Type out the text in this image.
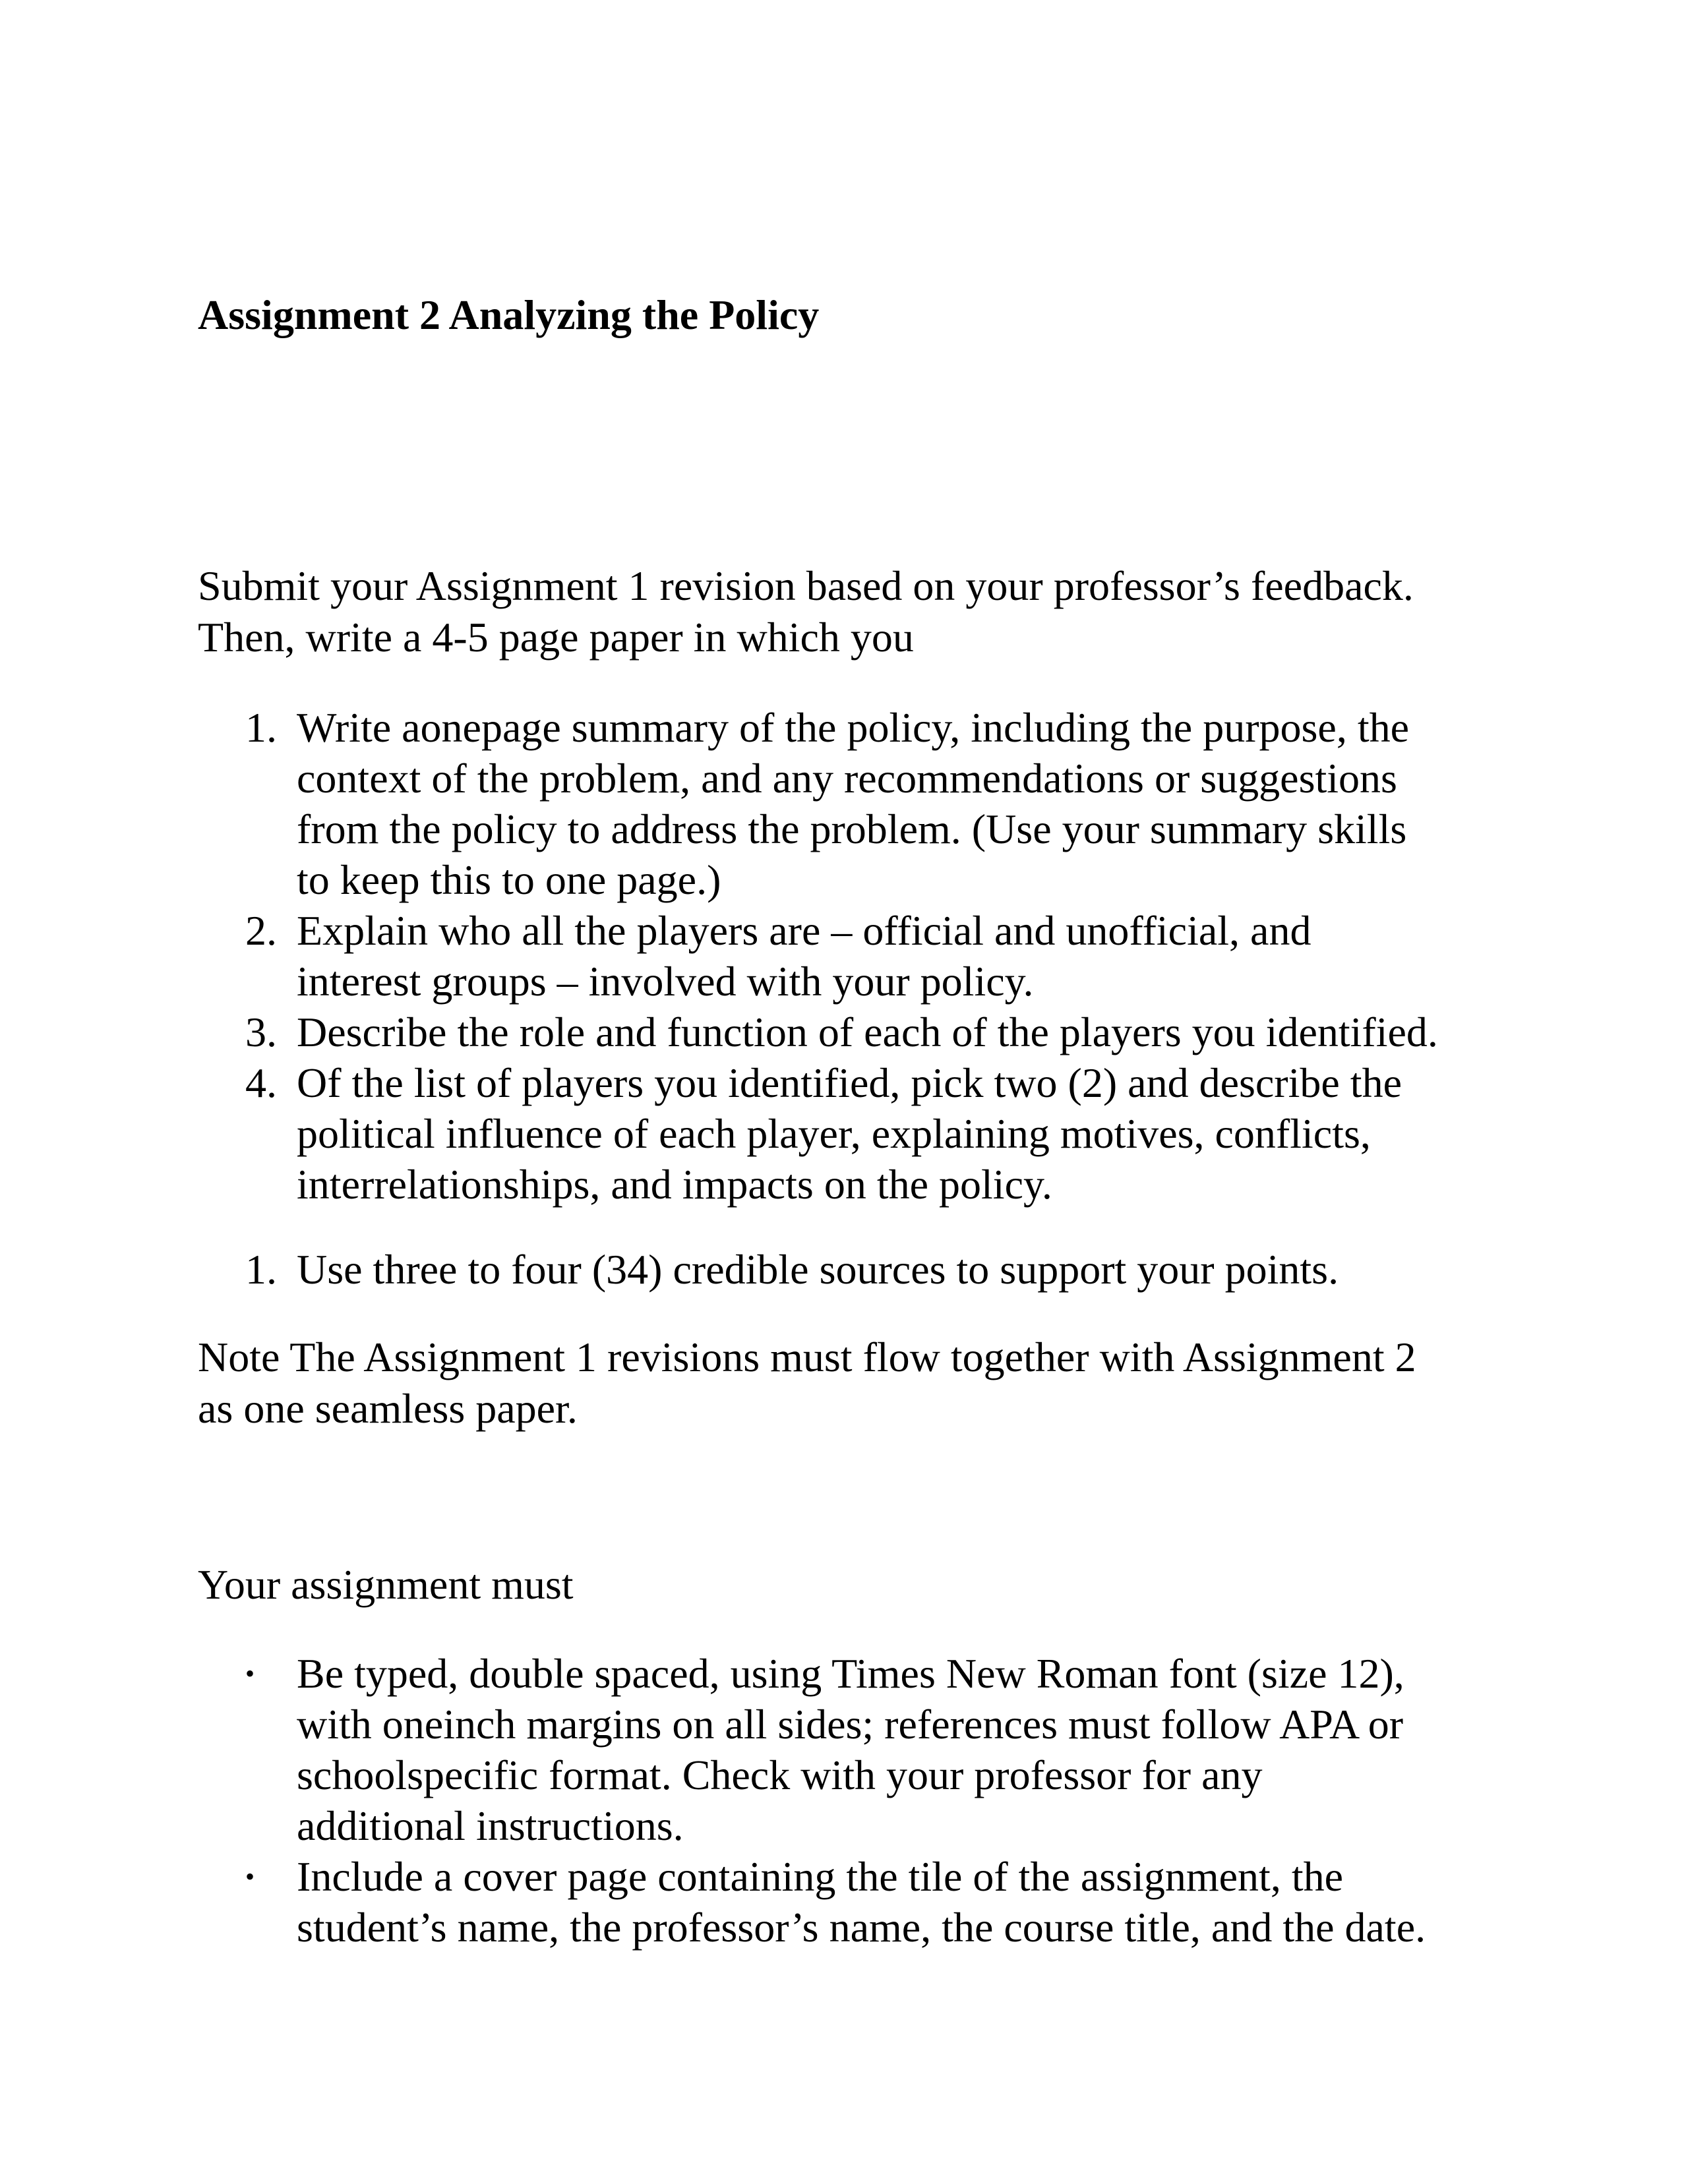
Assignment 2 Analyzing the Policy

Submit your Assignment 1 revision based on your professor’s feedback.
Then, write a 4-5 page paper in which you

1. Write aonepage summary of the policy, including the purpose, the
context of the problem, and any recommendations or suggestions
from the policy to address the problem. (Use your summary skills
to keep this to one page.)
2. Explain who all the players are – official and unofficial, and
interest groups – involved with your policy.
3. Describe the role and function of each of the players you identified.
4. Of the list of players you identified, pick two (2) and describe the
political influence of each player, explaining motives, conflicts,
interrelationships, and impacts on the policy.
1. Use three to four (34) credible sources to support your points.

Note The Assignment 1 revisions must flow together with Assignment 2
as one seamless paper.

Your assignment must

• Be typed, double spaced, using Times New Roman font (size 12),
with oneinch margins on all sides; references must follow APA or
schoolspecific format. Check with your professor for any
additional instructions.
• Include a cover page containing the tile of the assignment, the
student’s name, the professor’s name, the course title, and the date.
